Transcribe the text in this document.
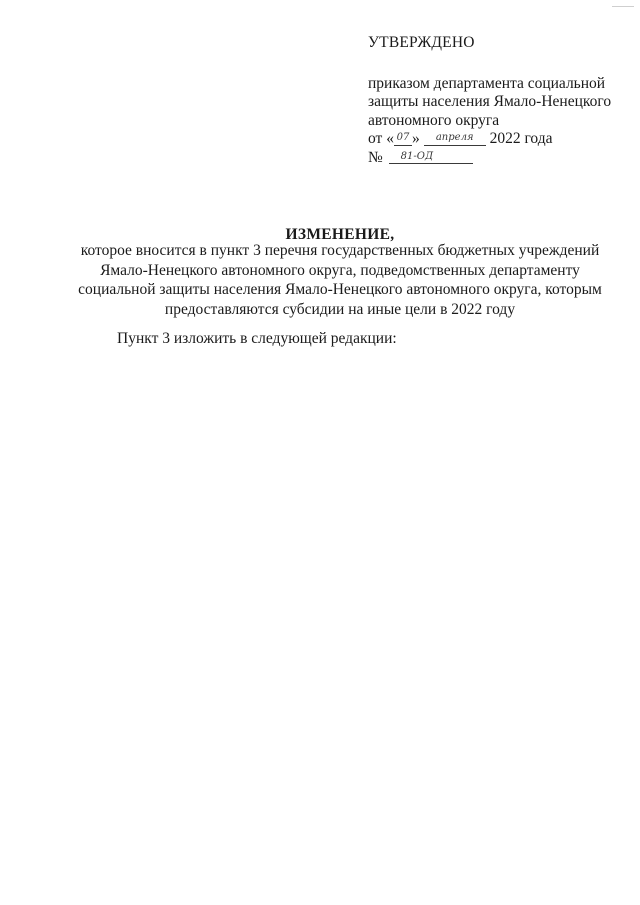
УТВЕРЖДЕНО
приказом департамента социальной
защиты населения Ямало-Ненецкого
автономного округа
от « 07 » апреля 2022 года
№ 81-ОД
ИЗМЕНЕНИЕ,
которое вносится в пункт 3 перечня государственных бюджетных учреждений
Ямало-Ненецкого автономного округа, подведомственных департаменту
социальной защиты населения Ямало-Ненецкого автономного округа, которым
предоставляются субсидии на иные цели в 2022 году
Пункт 3 изложить в следующей редакции:
